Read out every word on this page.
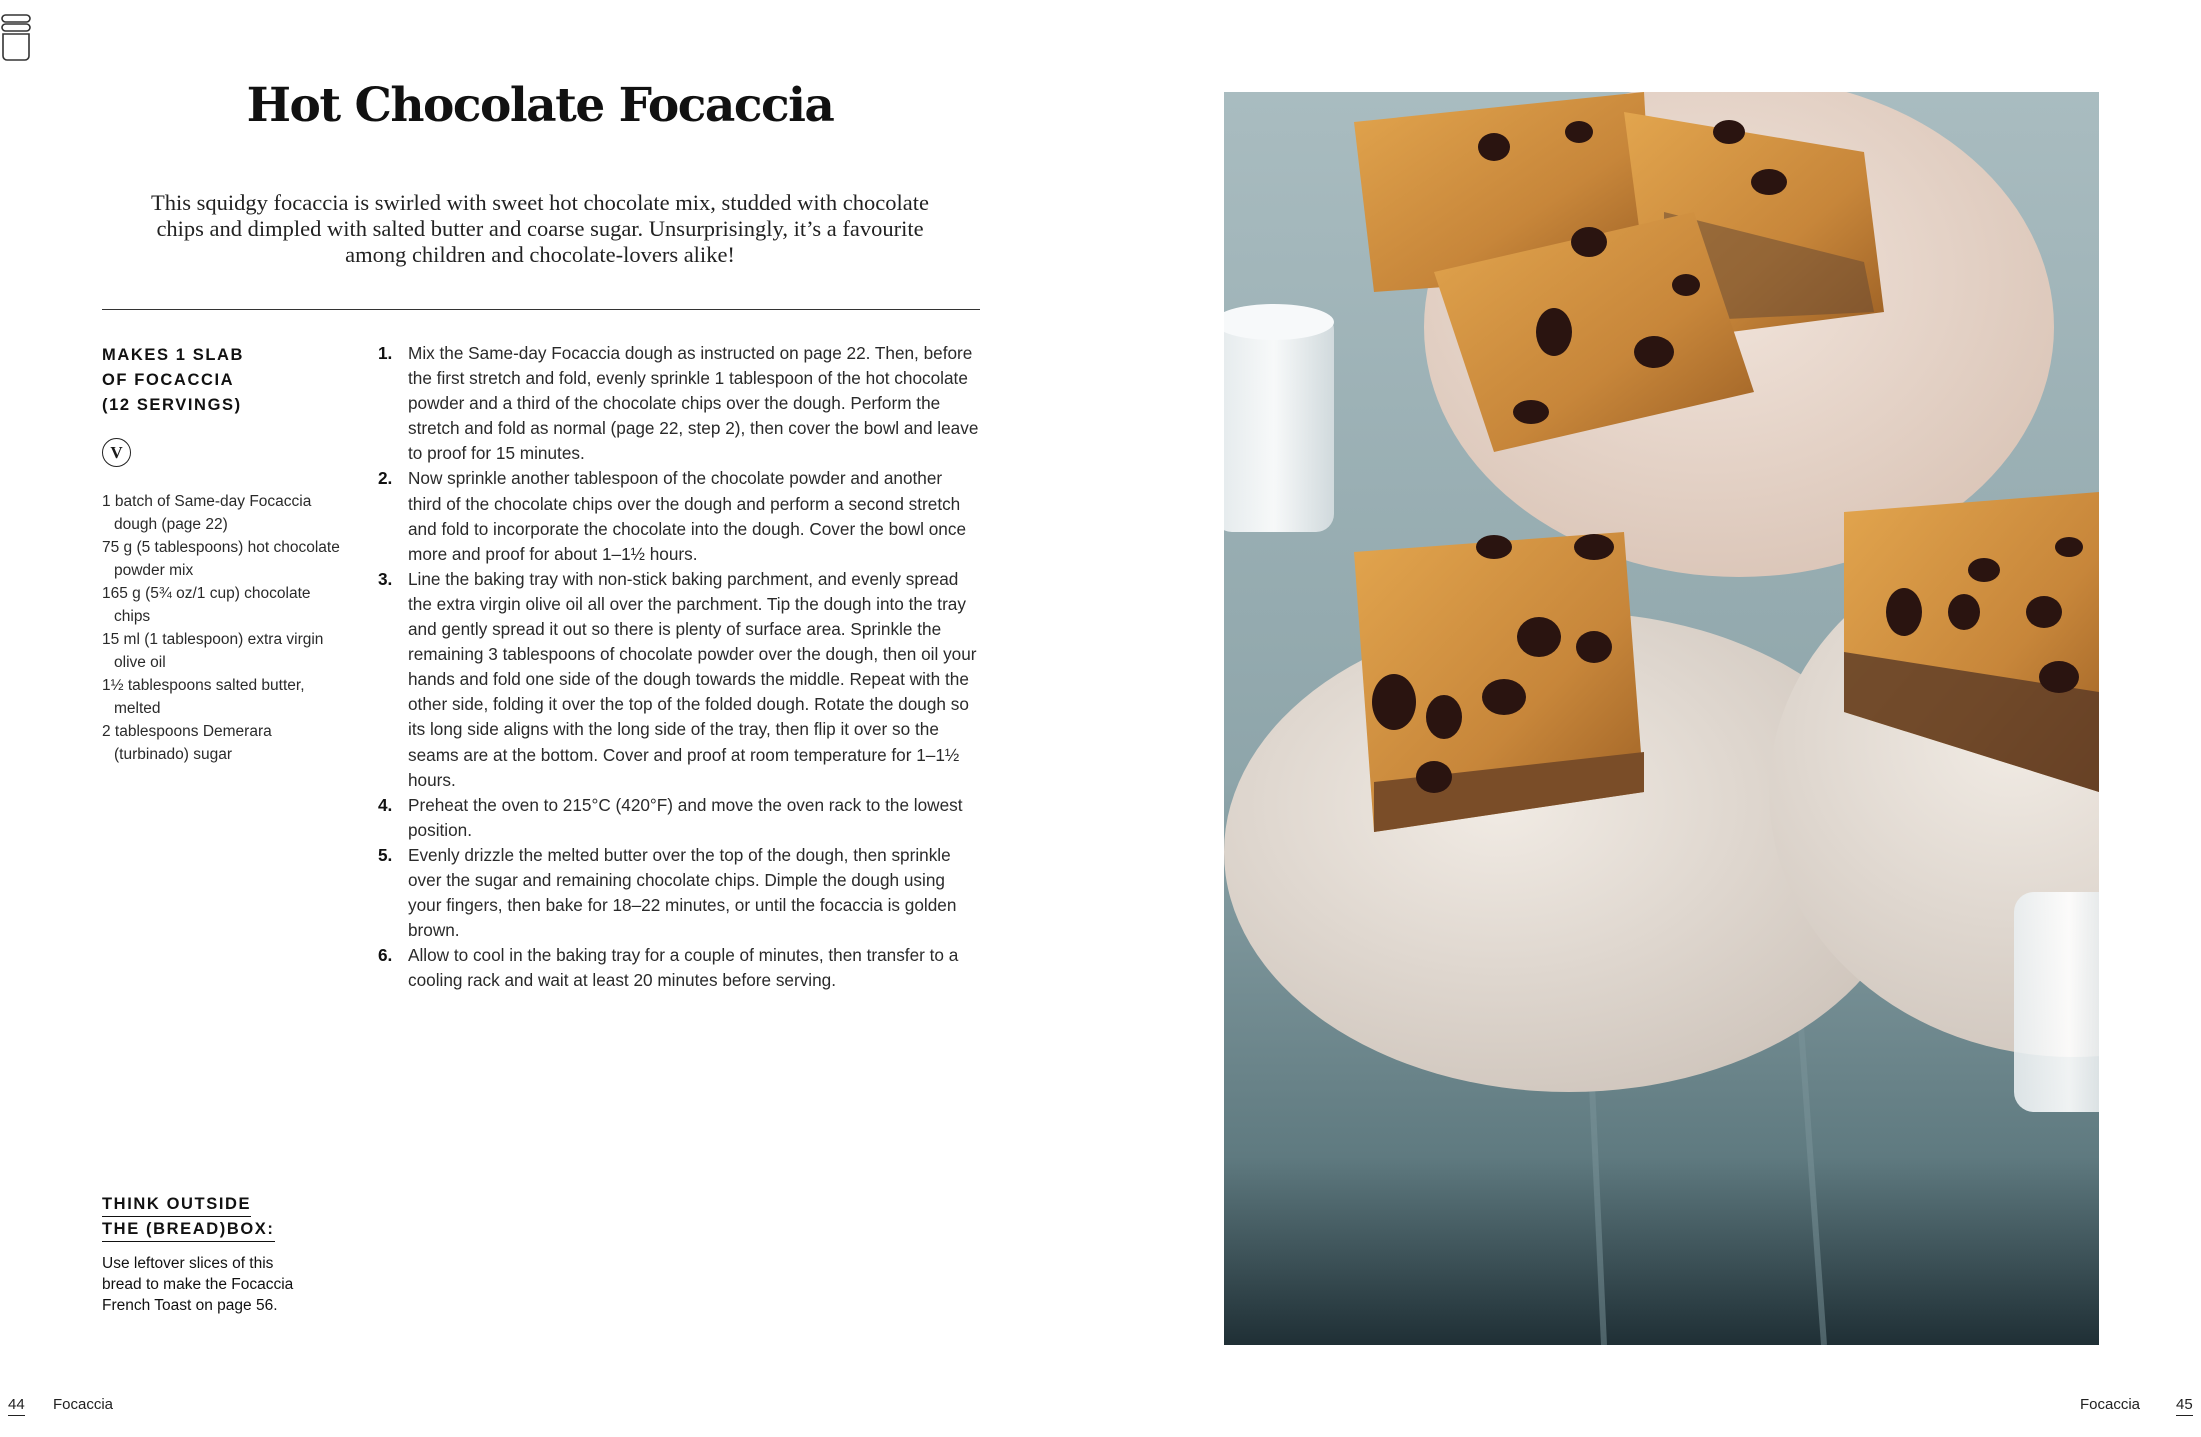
Hot Chocolate Focaccia

This squidgy focaccia is swirled with sweet hot chocolate mix, studded with chocolate chips and dimpled with salted butter and coarse sugar. Unsurprisingly, it’s a favourite among children and chocolate-lovers alike!

MAKES 1 SLAB
OF FOCACCIA
(12 SERVINGS)
V
1 batch of Same-day Focaccia dough (page 22)
75 g (5 tablespoons) hot chocolate powder mix
165 g (5¾ oz/1 cup) chocolate chips
15 ml (1 tablespoon) extra virgin olive oil
1½ tablespoons salted butter, melted
2 tablespoons Demerara (turbinado) sugar
1. Mix the Same-day Focaccia dough as instructed on page 22. Then, before the first stretch and fold, evenly sprinkle 1 tablespoon of the hot chocolate powder and a third of the chocolate chips over the dough. Perform the stretch and fold as normal (page 22, step 2), then cover the bowl and leave to proof for 15 minutes.
2. Now sprinkle another tablespoon of the chocolate powder and another third of the chocolate chips over the dough and perform a second stretch and fold to incorporate the chocolate into the dough. Cover the bowl once more and proof for about 1–1½ hours.
3. Line the baking tray with non-stick baking parchment, and evenly spread the extra virgin olive oil all over the parchment. Tip the dough into the tray and gently spread it out so there is plenty of surface area. Sprinkle the remaining 3 tablespoons of chocolate powder over the dough, then oil your hands and fold one side of the dough towards the middle. Repeat with the other side, folding it over the top of the folded dough. Rotate the dough so its long side aligns with the long side of the tray, then flip it over so the seams are at the bottom. Cover and proof at room temperature for 1–1½ hours.
4. Preheat the oven to 215°C (420°F) and move the oven rack to the lowest position.
5. Evenly drizzle the melted butter over the top of the dough, then sprinkle over the sugar and remaining chocolate chips. Dimple the dough using your fingers, then bake for 18–22 minutes, or until the focaccia is golden brown.
6. Allow to cool in the baking tray for a couple of minutes, then transfer to a cooling rack and wait at least 20 minutes before serving.
THINK OUTSIDE
THE (BREAD)BOX:

Use leftover slices of this bread to make the Focaccia French Toast on page 56.

44 Focaccia	Focaccia 45
